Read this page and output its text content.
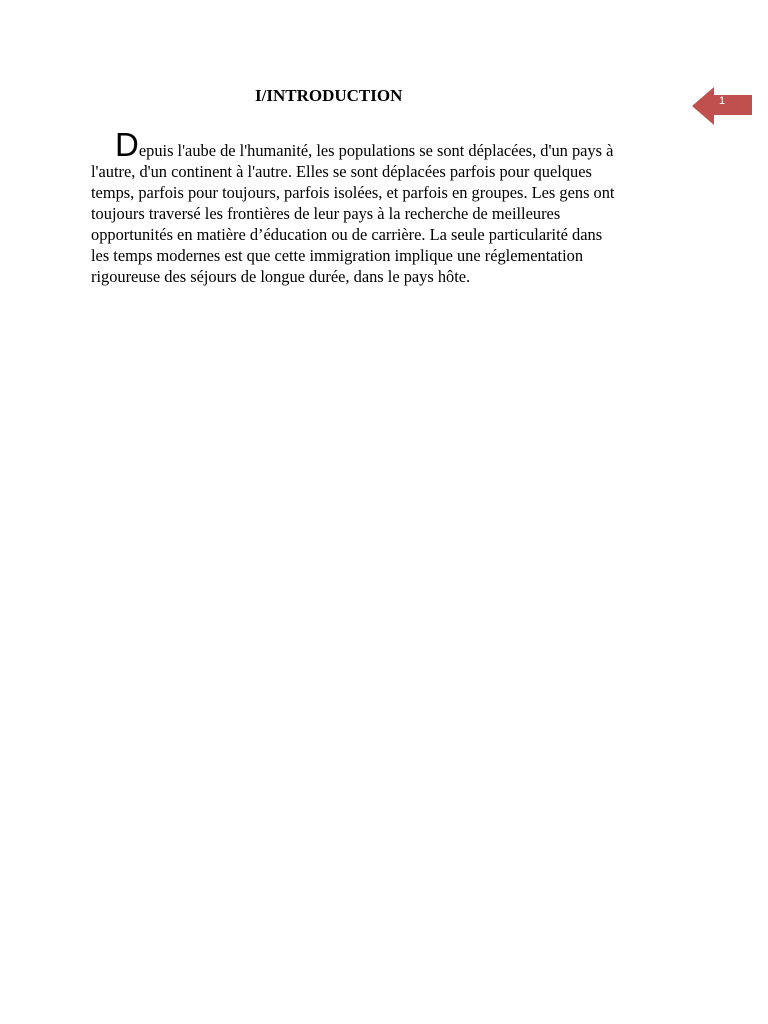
I/INTRODUCTION	1

Depuis l'aube de l'humanité, les populations se sont déplacées, d'un pays à
l'autre, d'un continent à l'autre. Elles se sont déplacées parfois pour quelques
temps, parfois pour toujours, parfois isolées, et parfois en groupes. Les gens ont
toujours traversé les frontières de leur pays à la recherche de meilleures
opportunités en matière d’éducation ou de carrière. La seule particularité dans
les temps modernes est que cette immigration implique une réglementation
rigoureuse des séjours de longue durée, dans le pays hôte.
